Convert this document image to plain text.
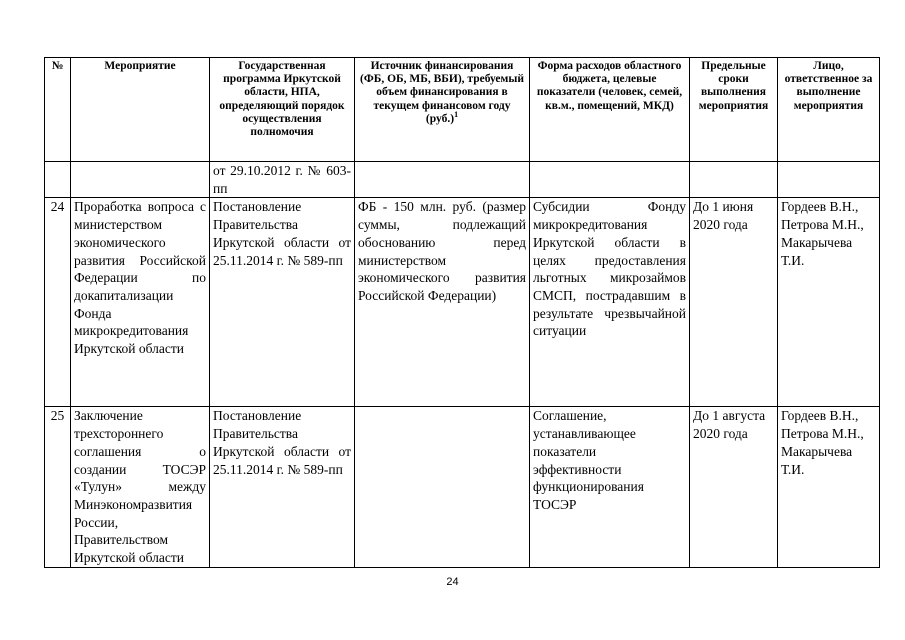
№	Мероприятие	Государственная программа Иркутской области, НПА, определяющий порядок осуществления полномочия	Источник финансирования (ФБ, ОБ, МБ, ВБИ), требуемый объем финансирования в текущем финансовом году $(руб.)^1$	Форма расходов областного бюджета, целевые показатели (человек, семей, кв.м., помещений, МКД)	Предельные сроки выполнения мероприятия	Лицо, ответственное за выполнение мероприятия
		от 29.10.2012 г. № 603-пп				
24	Проработка вопроса с министерством экономического развития Российской Федерации по докапитализации Фонда микрокредитования Иркутской области	Постановление Правительства Иркутской области от 25.11.2014 г. № 589-пп	ФБ - 150 млн. руб. (размер суммы, подлежащий обоснованию перед министерством экономического развития Российской Федерации)	Субсидии Фонду микрокредитования Иркутской области в целях предоставления льготных микрозаймов СМСП, пострадавшим в результате чрезвычайной ситуации	До 1 июня 2020 года	Гордеев В.Н., Петрова М.Н., Макарычева Т.И.
25	Заключение трехстороннего соглашения о создании ТОСЭР «Тулун» между Минэкономразвития России, Правительством Иркутской области	Постановление Правительства Иркутской области от 25.11.2014 г. № 589-пп		Соглашение, устанавливающее показатели эффективности функционирования ТОСЭР	До 1 августа 2020 года	Гордеев В.Н., Петрова М.Н., Макарычева Т.И.
24
